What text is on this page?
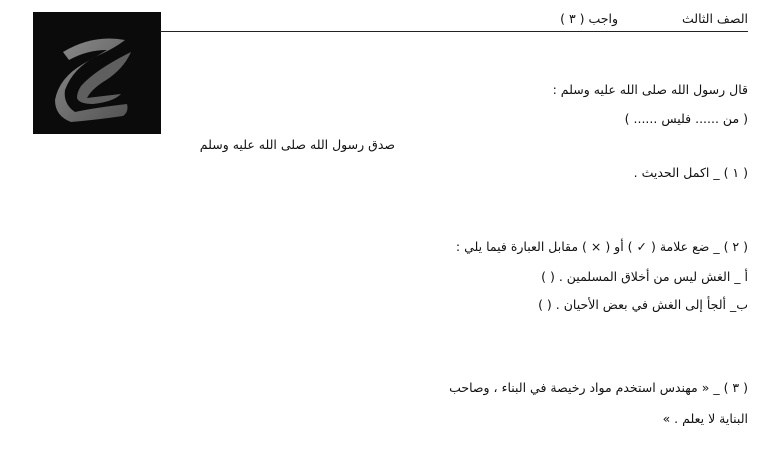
الصف الثالث
واجب ( ٣ )
قال رسول الله صلى الله عليه وسلم :
( من ...... فليس ...... )
صدق رسول الله صلى الله عليه وسلم
( ١ ) _ اكمل الحديث .
( ٢ ) _ ضع علامة ( ✓ ) أو ( × ) مقابل العبارة فيما يلي :
أ _ الغش ليس من أخلاق المسلمين . ( )
ب_ ألجأ إلى الغش في بعض الأحيان . ( )
( ٣ ) _ « مهندس استخدم مواد رخيصة في البناء ، وصاحب
البناية لا يعلم . »
